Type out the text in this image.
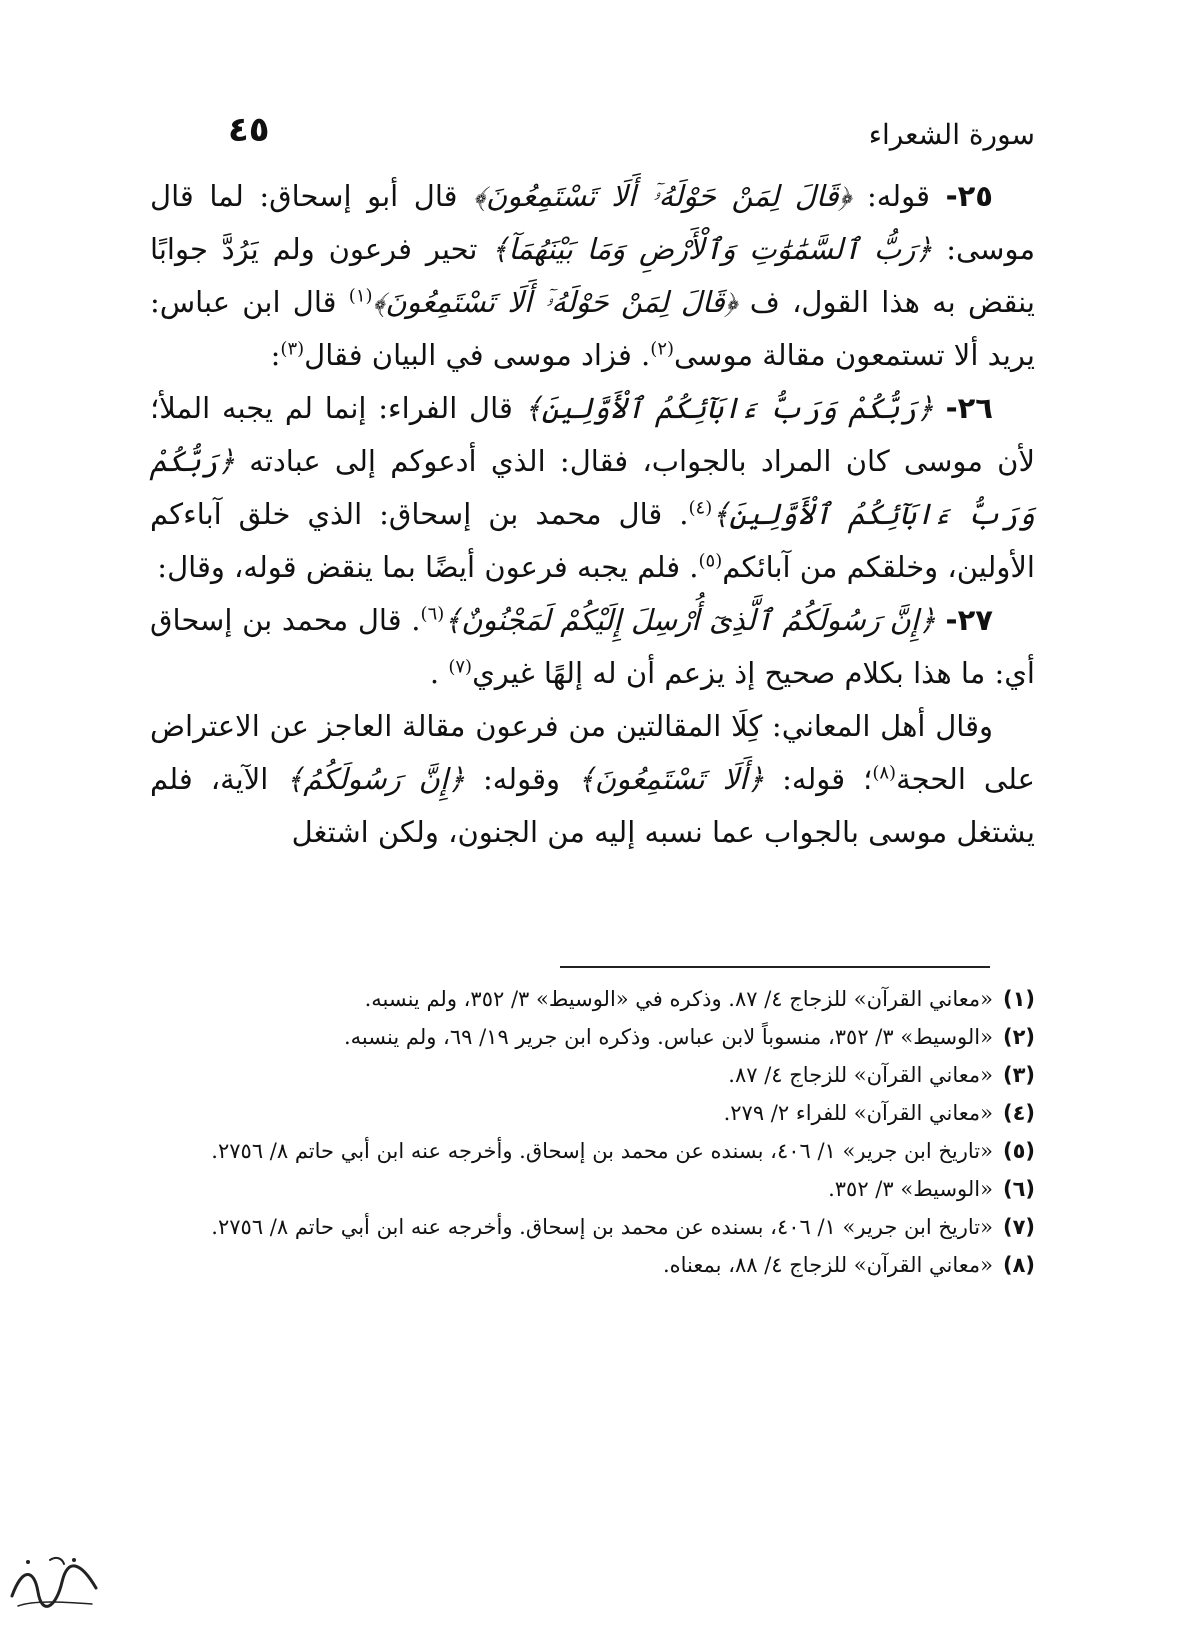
سورة الشعراء
٤٥

٢٥- قوله: ﴿قَالَ لِمَنْ حَوْلَهُۥٓ أَلَا تَسْتَمِعُونَ﴾ قال أبو إسحاق: لما قال موسى: ﴿رَبُّ ٱلسَّمَٰوَٰتِ وَٱلْأَرْضِ وَمَا بَيْنَهُمَآ﴾ تحير فرعون ولم يَرُدَّ جوابًا ينقض به هذا القول، ف ﴿قَالَ لِمَنْ حَوْلَهُۥٓ أَلَا تَسْتَمِعُونَ﴾$^{(١)}$ قال ابن عباس: يريد ألا تستمعون مقالة موسى$^{(٢)}$. فزاد موسى في البيان فقال$^{(٣)}$:

٢٦- ﴿رَبُّكُمْ وَرَبُّ ءَابَآئِكُمُ ٱلْأَوَّلِينَ﴾ قال الفراء: إنما لم يجبه الملأ؛ لأن موسى كان المراد بالجواب، فقال: الذي أدعوكم إلى عبادته ﴿رَبُّكُمْ وَرَبُّ ءَابَآئِكُمُ ٱلْأَوَّلِينَ﴾$^{(٤)}$. قال محمد بن إسحاق: الذي خلق آباءكم الأولين، وخلقكم من آبائكم$^{(٥)}$. فلم يجبه فرعون أيضًا بما ينقض قوله، وقال:

٢٧- ﴿إِنَّ رَسُولَكُمُ ٱلَّذِىٓ أُرْسِلَ إِلَيْكُمْ لَمَجْنُونٌ﴾$^{(٦)}$. قال محمد بن إسحاق أي: ما هذا بكلام صحيح إذ يزعم أن له إلهًا غيري$^{(٧)}$ .

وقال أهل المعاني: كِلَا المقالتين من فرعون مقالة العاجز عن الاعتراض على الحجة$^{(٨)}$؛ قوله: ﴿أَلَا تَسْتَمِعُونَ﴾ وقوله: ﴿إِنَّ رَسُولَكُمُ﴾ الآية، فلم يشتغل موسى بالجواب عما نسبه إليه من الجنون، ولكن اشتغل

(١)
«معاني القرآن» للزجاج ٤/ ٨٧. وذكره في «الوسيط» ٣/ ٣٥٢، ولم ينسبه.
(٢)
«الوسيط» ٣/ ٣٥٢، منسوباً لابن عباس. وذكره ابن جرير ١٩/ ٦٩، ولم ينسبه.
(٣)
«معاني القرآن» للزجاج ٤/ ٨٧.
(٤)
«معاني القرآن» للفراء ٢/ ٢٧٩.
(٥)
«تاريخ ابن جرير» ١/ ٤٠٦، بسنده عن محمد بن إسحاق. وأخرجه عنه ابن أبي حاتم ٨/ ٢٧٥٦.
(٦)
«الوسيط» ٣/ ٣٥٢.
(٧)
«تاريخ ابن جرير» ١/ ٤٠٦، بسنده عن محمد بن إسحاق. وأخرجه عنه ابن أبي حاتم ٨/ ٢٧٥٦.
(٨)
«معاني القرآن» للزجاج ٤/ ٨٨، بمعناه.
